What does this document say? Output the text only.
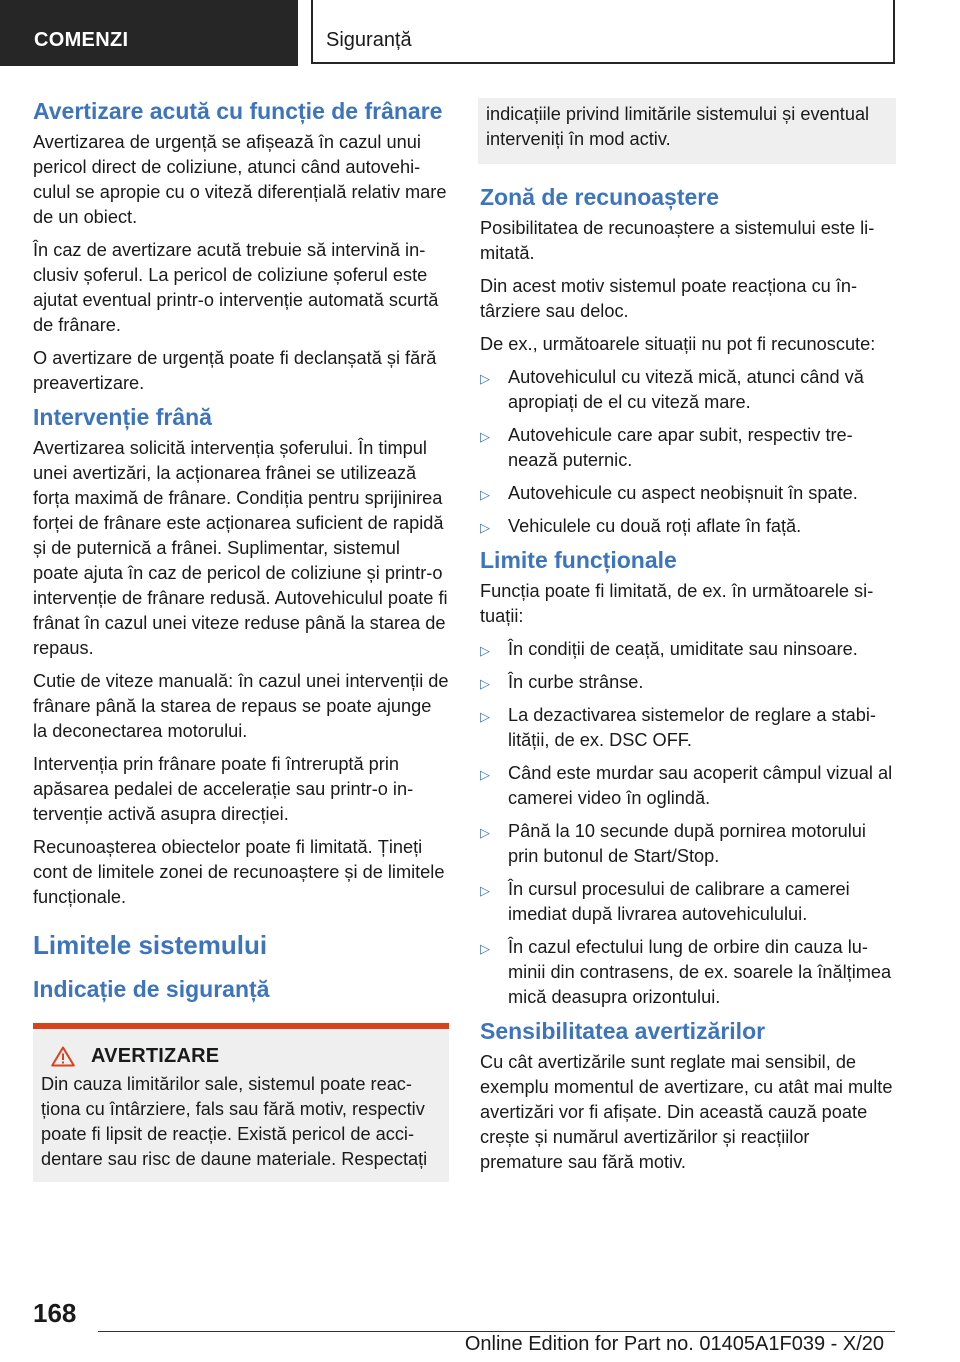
COMENZI	Siguranță
Avertizare acută cu funcție de frânare

Avertizarea de urgență se afișează în cazul unui pericol direct de coliziune, atunci când autovehiculul se apropie cu o viteză diferențială relativ mare de un obiect.

În caz de avertizare acută trebuie să intervină inclusiv șoferul. La pericol de coliziune șoferul este ajutat eventual printr-o intervenție automată scurtă de frânare.

O avertizare de urgență poate fi declanșată și fără preavertizare.

Intervenție frână

Avertizarea solicită intervenția șoferului. În timpul unei avertizări, la acționarea frânei se utilizează forța maximă de frânare. Condiția pentru sprijinirea forței de frânare este acționarea suficient de rapidă și de puternică a frânei. Suplimentar, sistemul poate ajuta în caz de pericol de coliziune și printr-o intervenție de frânare redusă. Autovehiculul poate fi frânat în cazul unei viteze reduse până la starea de repaus.

Cutie de viteze manuală: în cazul unei intervenții de frânare până la starea de repaus se poate ajunge la deconectarea motorului.

Intervenția prin frânare poate fi întreruptă prin apăsarea pedalei de accelerație sau printr-o intervenție activă asupra direcției.

Recunoașterea obiectelor poate fi limitată. Țineți cont de limitele zonei de recunoaștere și de limitele funcționale.

Limitele sistemului
Indicație de siguranță
AVERTIZARE

Din cauza limitărilor sale, sistemul poate reacționa cu întârziere, fals sau fără motiv, respectiv poate fi lipsit de reacție. Există pericol de accidentare sau risc de daune materiale. Respectați

indicațiile privind limitările sistemului și eventual interveniți în mod activ.

Zonă de recunoaștere

Posibilitatea de recunoaștere a sistemului este limitată.

Din acest motiv sistemul poate reacționa cu întârziere sau deloc.

De ex., următoarele situații nu pot fi recunoscute:

▷ Autovehiculul cu viteză mică, atunci când vă apropiați de el cu viteză mare.
▷ Autovehicule care apar subit, respectiv trenează puternic.
▷ Autovehicule cu aspect neobișnuit în spate.
▷ Vehiculele cu două roți aflate în față.
Limite funcționale

Funcția poate fi limitată, de ex. în următoarele situații:

▷ În condiții de ceață, umiditate sau ninsoare.
▷ În curbe strânse.
▷ La dezactivarea sistemelor de reglare a stabilității, de ex. DSC OFF.
▷ Când este murdar sau acoperit câmpul vizual al camerei video în oglindă.
▷ Până la 10 secunde după pornirea motorului prin butonul de Start/Stop.
▷ În cursul procesului de calibrare a camerei imediat după livrarea autovehiculului.
▷ În cazul efectului lung de orbire din cauza luminii din contrasens, de ex. soarele la înălțimea mică deasupra orizontului.
Sensibilitatea avertizărilor

Cu cât avertizările sunt reglate mai sensibil, de exemplu momentul de avertizare, cu atât mai multe avertizări vor fi afișate. Din această cauză poate crește și numărul avertizărilor și reacțiilor premature sau fără motiv.

168
Online Edition for Part no. 01405A1F039 - X/20
